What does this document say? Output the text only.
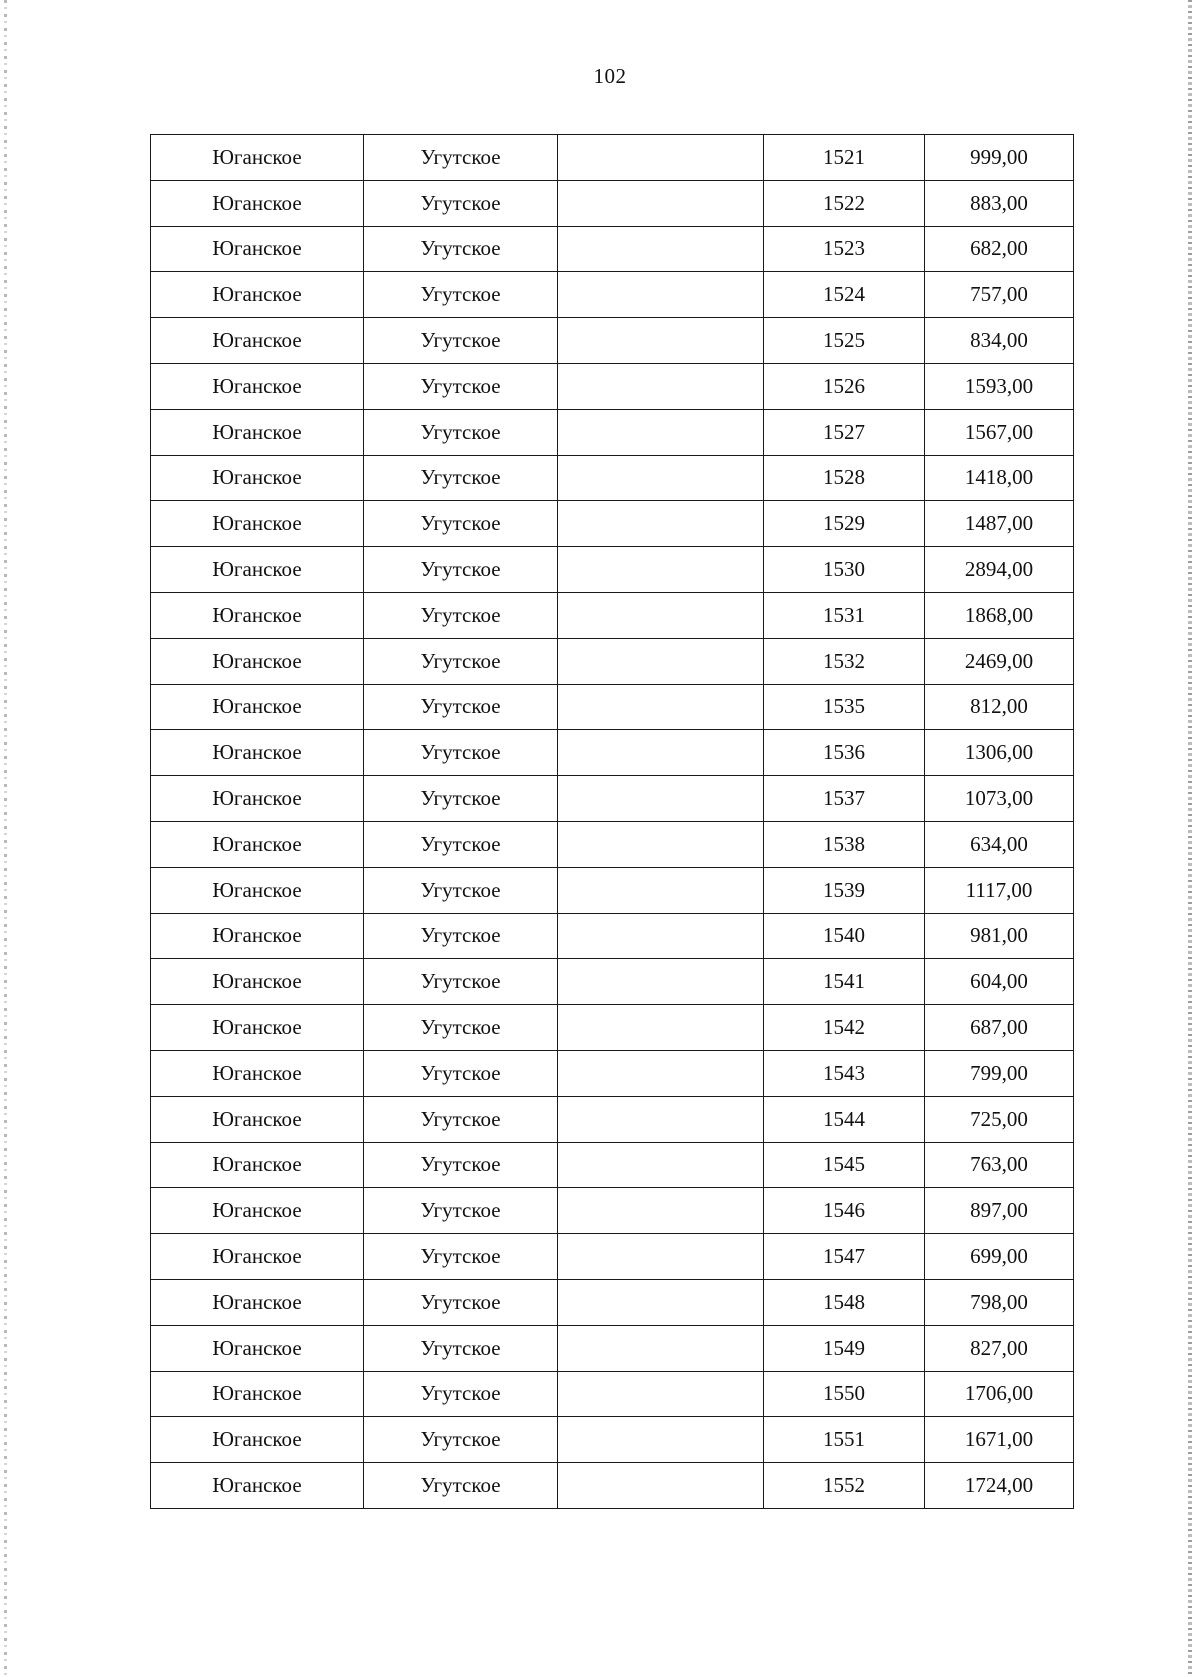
102
Юганское	Угутское		1521	999,00
Юганское	Угутское		1522	883,00
Юганское	Угутское		1523	682,00
Юганское	Угутское		1524	757,00
Юганское	Угутское		1525	834,00
Юганское	Угутское		1526	1593,00
Юганское	Угутское		1527	1567,00
Юганское	Угутское		1528	1418,00
Юганское	Угутское		1529	1487,00
Юганское	Угутское		1530	2894,00
Юганское	Угутское		1531	1868,00
Юганское	Угутское		1532	2469,00
Юганское	Угутское		1535	812,00
Юганское	Угутское		1536	1306,00
Юганское	Угутское		1537	1073,00
Юганское	Угутское		1538	634,00
Юганское	Угутское		1539	1117,00
Юганское	Угутское		1540	981,00
Юганское	Угутское		1541	604,00
Юганское	Угутское		1542	687,00
Юганское	Угутское		1543	799,00
Юганское	Угутское		1544	725,00
Юганское	Угутское		1545	763,00
Юганское	Угутское		1546	897,00
Юганское	Угутское		1547	699,00
Юганское	Угутское		1548	798,00
Юганское	Угутское		1549	827,00
Юганское	Угутское		1550	1706,00
Юганское	Угутское		1551	1671,00
Юганское	Угутское		1552	1724,00
